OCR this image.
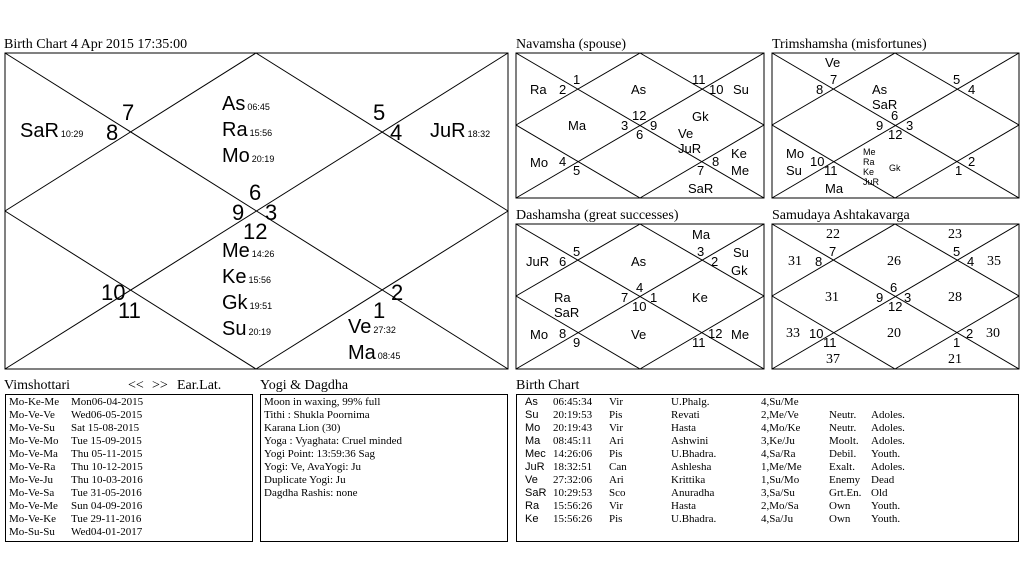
Birth Chart 4 Apr 2015 17:35:00
7
8
5
4
6
9 3
12
10
11
2
1
SaR 10:29	JuR 18:32
As 06:45
Ra 15:56
Mo 20:19
Me 14:26
Ke 15:56
Gk 19:51
Su 20:19	Ve 27:32
Ma 08:45
Navamsha (spouse)	Trimshamsha (misfortunes)
Dashamsha (great successes)	Samudaya Ashtakavarga
Ra 2
1
As
11
10 Su
Ma	3
12
9
6
Gk
Ve JuR
Mo 4
5	7
8
Ke
Me
SaR
Ve
8
7
As SaR
5
4
9
6
3
12
Mo
Su
10
11
Me Ra Ke JuR
Gk	1
2
Ma
Ma
JuR 6
5
As
3
2
Su
Gk
Ra SaR
7
4
1
10
Ke
Mo 8
9
Ve
11
12 Me
22	23
31 8
7
26
5
4 35
31	9
6
3
12
28
33 10
11
20	2
1
30
37	21
Vimshottari	<< >> Ear.Lat.
Mo-Ke-Me	Mon06-04-2015
Mo-Ve-Ve	Wed06-05-2015
Mo-Ve-Su	Sat 15-08-2015
Mo-Ve-Mo	Tue 15-09-2015
Mo-Ve-Ma	Thu 05-11-2015
Mo-Ve-Ra	Thu 10-12-2015
Mo-Ve-Ju	Thu 10-03-2016
Mo-Ve-Sa	Tue 31-05-2016
Mo-Ve-Me	Sun 04-09-2016
Mo-Ve-Ke	Tue 29-11-2016
Mo-Su-Su	Wed04-01-2017
Yogi & Dagdha
Moon in waxing, 99% full
Tithi : Shukla Poornima
Karana Lion (30)
Yoga : Vyaghata: Cruel minded
Yogi Point: 13:59:36 Sag
Yogi: Ve, AvaYogi: Ju
Duplicate Yogi: Ju
Dagdha Rashis: none
Birth Chart
As	06:45:34	Vir	U.Phalg.	4,Su/Me
Su	20:19:53	Pis	Revati	2,Me/Ve	Neutr.	Adoles.
Mo	20:19:43	Vir	Hasta	4,Mo/Ke	Neutr.	Adoles.
Ma	08:45:11	Ari	Ashwini	3,Ke/Ju	Moolt.	Adoles.
Mec 14:26:06	Pis	U.Bhadra.	4,Sa/Ra	Debil.	Youth.
JuR 18:32:51	Can	Ashlesha	1,Me/Me	Exalt.	Adoles.
Ve	27:32:06	Ari	Krittika	1,Su/Mo	Enemy Dead
SaR 10:29:53	Sco	Anuradha	3,Sa/Su	Grt.En. Old
Ra	15:56:26	Vir	Hasta	2,Mo/Sa	Own	Youth.
Ke	15:56:26	Pis	U.Bhadra.	4,Sa/Ju	Own	Youth.
